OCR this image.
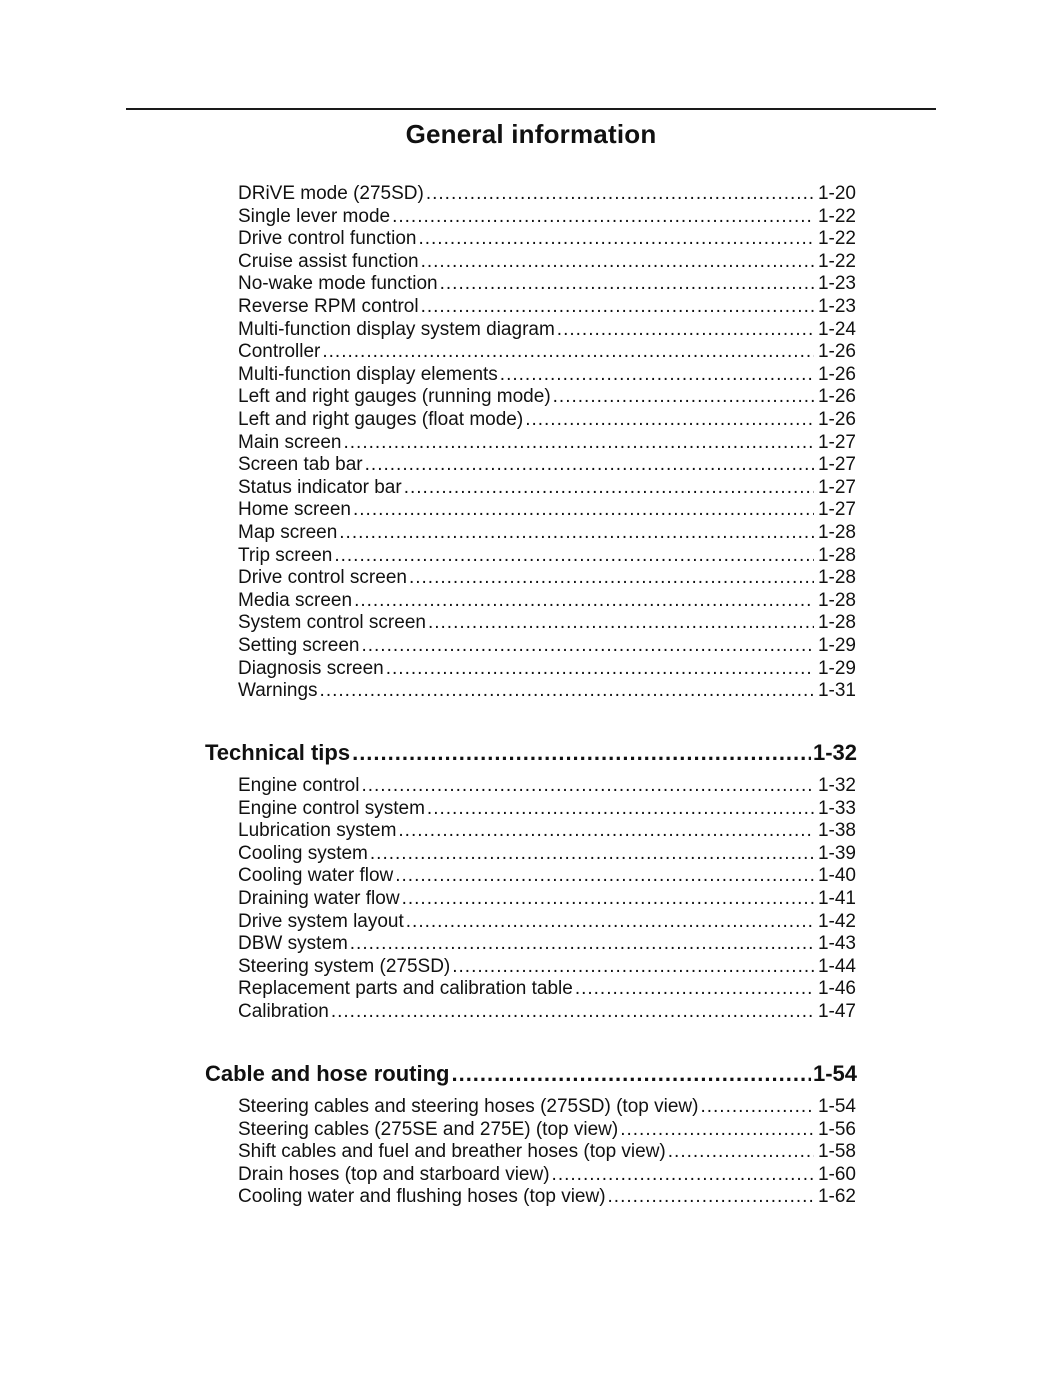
General information
DRiVE mode (275SD) .....	1-20
Single lever mode .....	1-22
Drive control function .....	1-22
Cruise assist function .....	1-22
No-wake mode function .....	1-23
Reverse RPM control .....	1-23
Multi-function display system diagram .....	1-24
Controller .....	1-26
Multi-function display elements .....	1-26
Left and right gauges (running mode) .....	1-26
Left and right gauges (float mode) .....	1-26
Main screen .....	1-27
Screen tab bar .....	1-27
Status indicator bar .....	1-27
Home screen .....	1-27
Map screen .....	1-28
Trip screen .....	1-28
Drive control screen .....	1-28
Media screen .....	1-28
System control screen .....	1-28
Setting screen .....	1-29
Diagnosis screen .....	1-29
Warnings .....	1-31
Technical tips .....	1-32
Engine control .....	1-32
Engine control system .....	1-33
Lubrication system .....	1-38
Cooling system .....	1-39
Cooling water flow .....	1-40
Draining water flow .....	1-41
Drive system layout .....	1-42
DBW system .....	1-43
Steering system (275SD) .....	1-44
Replacement parts and calibration table .....	1-46
Calibration .....	1-47
Cable and hose routing .....	1-54
Steering cables and steering hoses (275SD) (top view) .....	1-54
Steering cables (275SE and 275E) (top view) .....	1-56
Shift cables and fuel and breather hoses (top view) .....	1-58
Drain hoses (top and starboard view) .....	1-60
Cooling water and flushing hoses (top view) .....	1-62
